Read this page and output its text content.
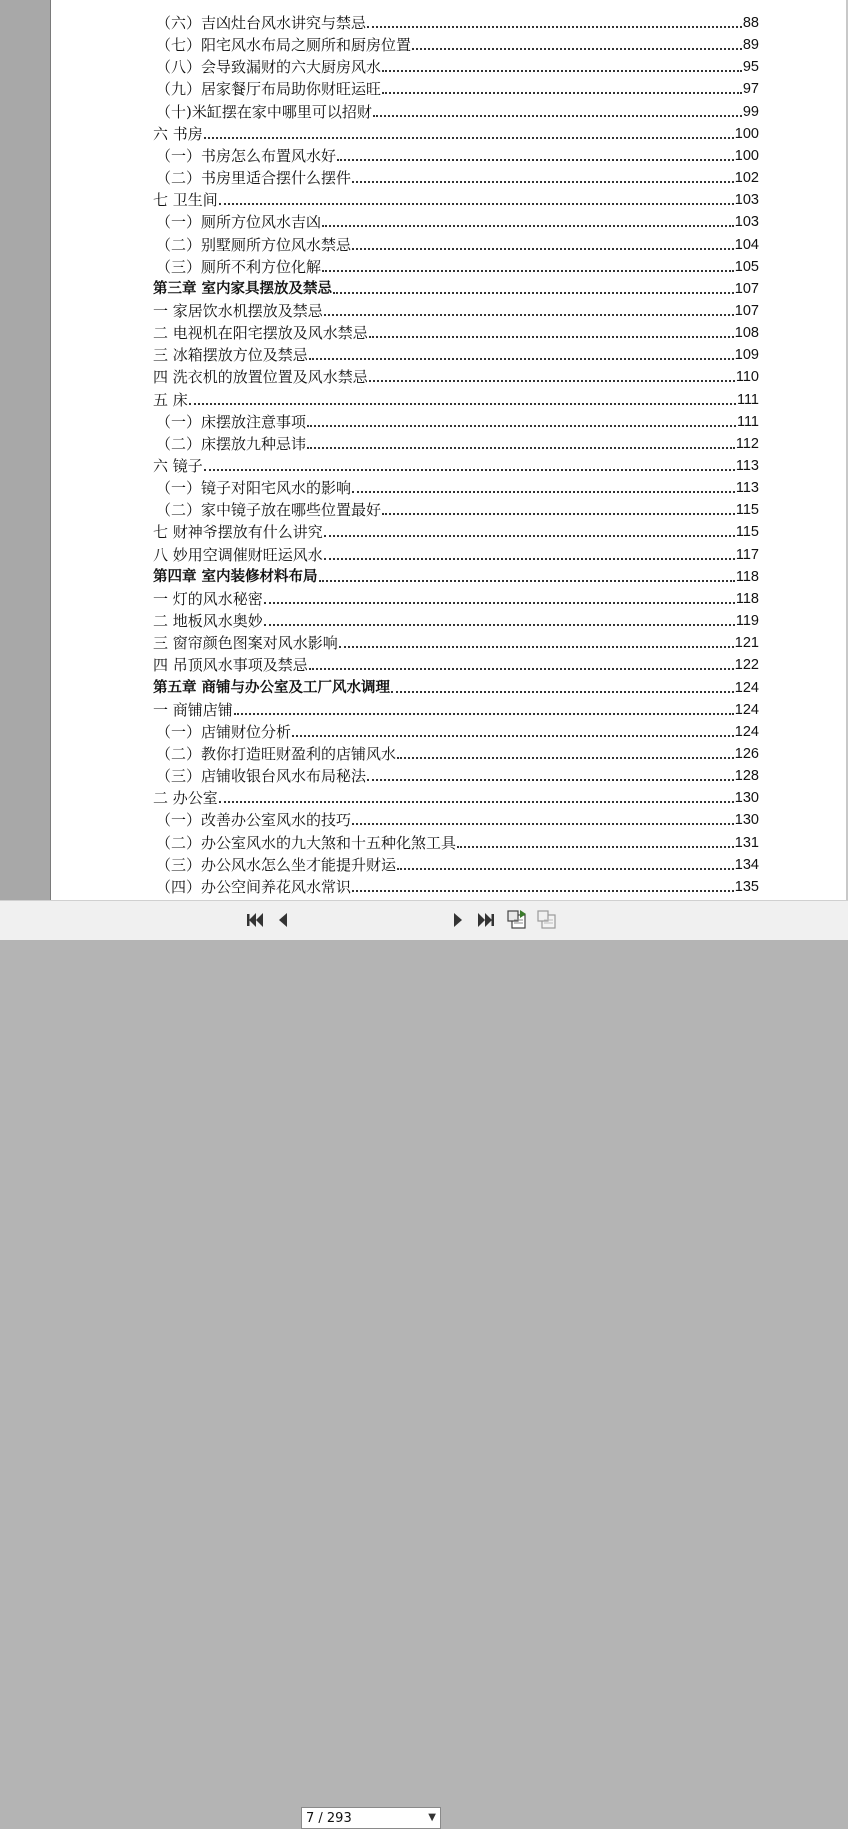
（六）吉凶灶台风水讲究与禁忌	88
（七）阳宅风水布局之厕所和厨房位置	89
（八）会导致漏财的六大厨房风水	95
（九）居家餐厅布局助你财旺运旺	97
（十)米缸摆在家中哪里可以招财	99
六 书房	100
（一）书房怎么布置风水好	100
（二）书房里适合摆什么摆件	102
七 卫生间	103
（一）厕所方位风水吉凶	103
（二）别墅厕所方位风水禁忌	104
（三）厕所不利方位化解	105
第三章 室内家具摆放及禁忌	107
一 家居饮水机摆放及禁忌	107
二 电视机在阳宅摆放及风水禁忌	108
三 冰箱摆放方位及禁忌	109
四 洗衣机的放置位置及风水禁忌	110
五 床	111
（一）床摆放注意事项	111
（二）床摆放九种忌讳	112
六 镜子	113
（一）镜子对阳宅风水的影响	113
（二）家中镜子放在哪些位置最好	115
七 财神爷摆放有什么讲究	115
八 妙用空调催财旺运风水	117
第四章 室内装修材料布局	118
一 灯的风水秘密	118
二 地板风水奥妙	119
三 窗帘颜色图案对风水影响	121
四 吊顶风水事项及禁忌	122
第五章 商铺与办公室及工厂风水调理	124
一 商铺店铺	124
（一）店铺财位分析	124
（二）教你打造旺财盈利的店铺风水	126
（三）店铺收银台风水布局秘法	128
二 办公室	130
（一）改善办公室风水的技巧	130
（二）办公室风水的九大煞和十五种化煞工具	131
（三）办公风水怎么坐才能提升财运	134
（四）办公空间养花风水常识	135
7 / 293	▼
